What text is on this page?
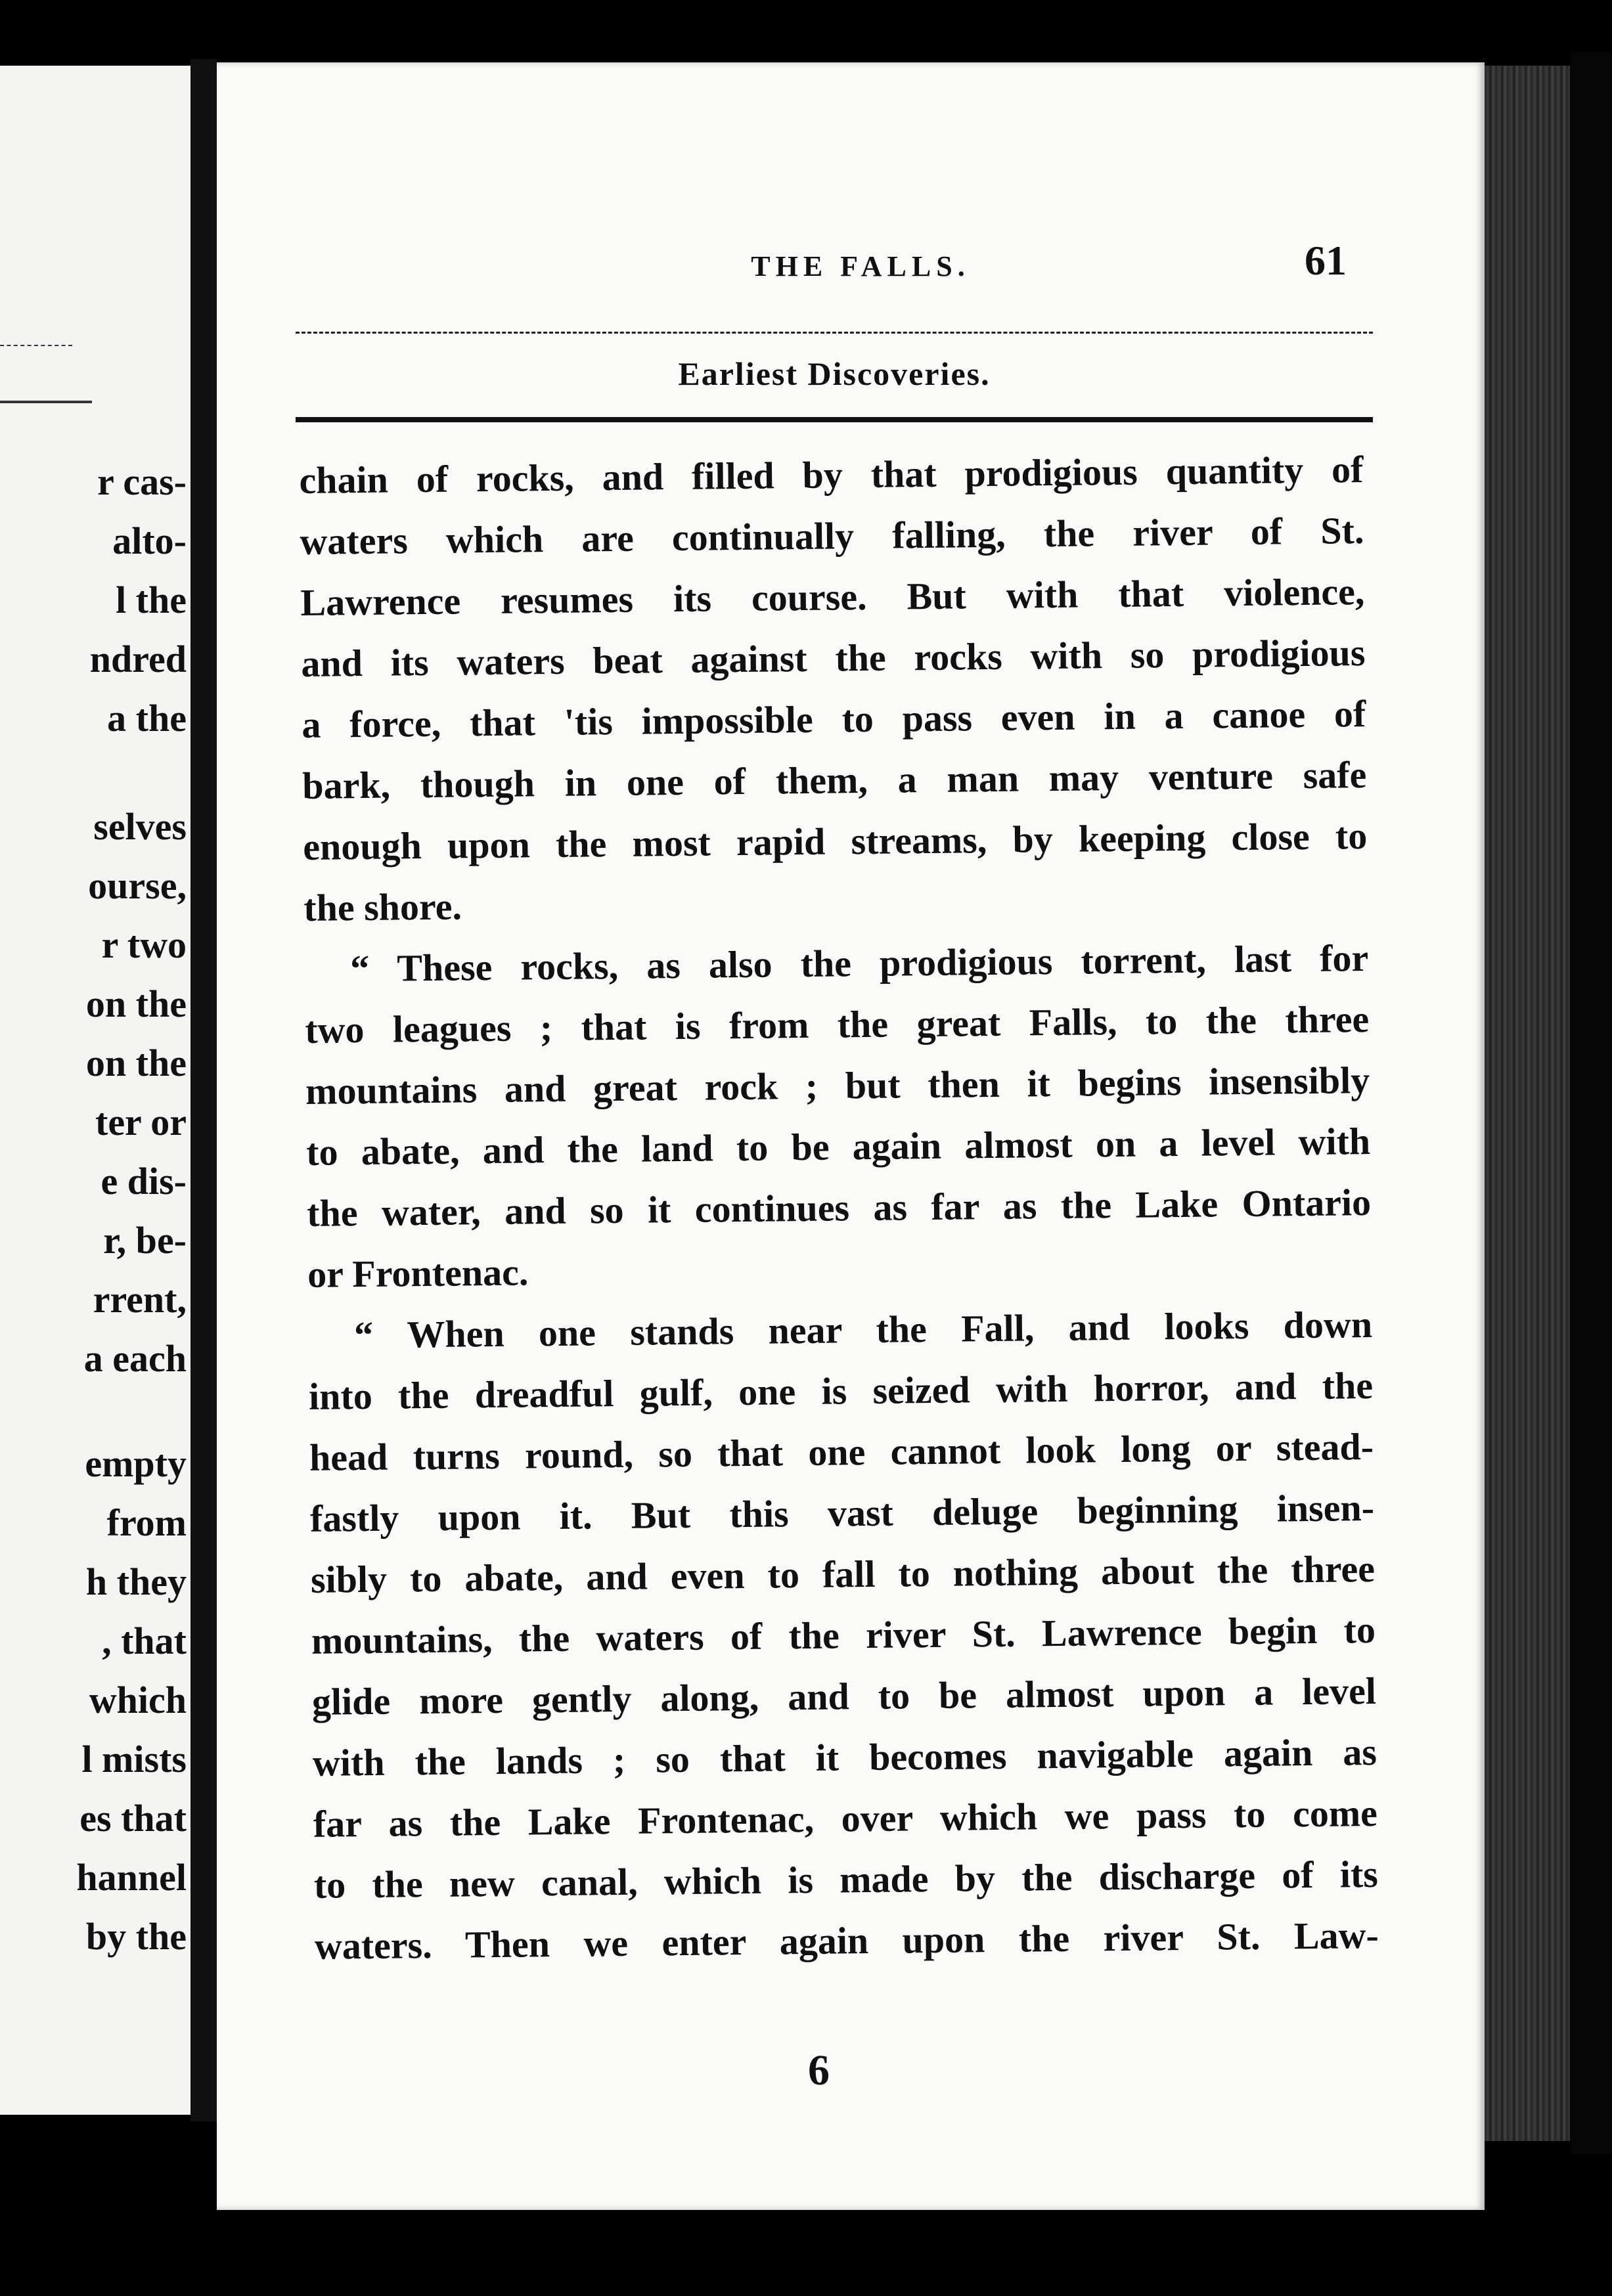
r cas-
alto-
l the
ndred
a the
selves
ourse,
r two
on the
on the
ter or
e dis-
r, be-
rrent,
a each
empty
from
h they
, that
which
l mists
es that
hannel
by the
THE FALLS.	61
Earliest Discoveries.
chain of rocks, and filled by that prodigious quantity of
waters which are continually falling, the river of St.
Lawrence resumes its course. But with that violence,
and its waters beat against the rocks with so prodigious
a force, that 'tis impossible to pass even in a canoe of
bark, though in one of them, a man may venture safe
enough upon the most rapid streams, by keeping close to
the shore.
“ These rocks, as also the prodigious torrent, last for
two leagues ; that is from the great Falls, to the three
mountains and great rock ; but then it begins insensibly
to abate, and the land to be again almost on a level with
the water, and so it continues as far as the Lake Ontario
or Frontenac.
“ When one stands near the Fall, and looks down
into the dreadful gulf, one is seized with horror, and the
head turns round, so that one cannot look long or stead-
fastly upon it. But this vast deluge beginning insen-
sibly to abate, and even to fall to nothing about the three
mountains, the waters of the river St. Lawrence begin to
glide more gently along, and to be almost upon a level
with the lands ; so that it becomes navigable again as
far as the Lake Frontenac, over which we pass to come
to the new canal, which is made by the discharge of its
waters. Then we enter again upon the river St. Law-
6
